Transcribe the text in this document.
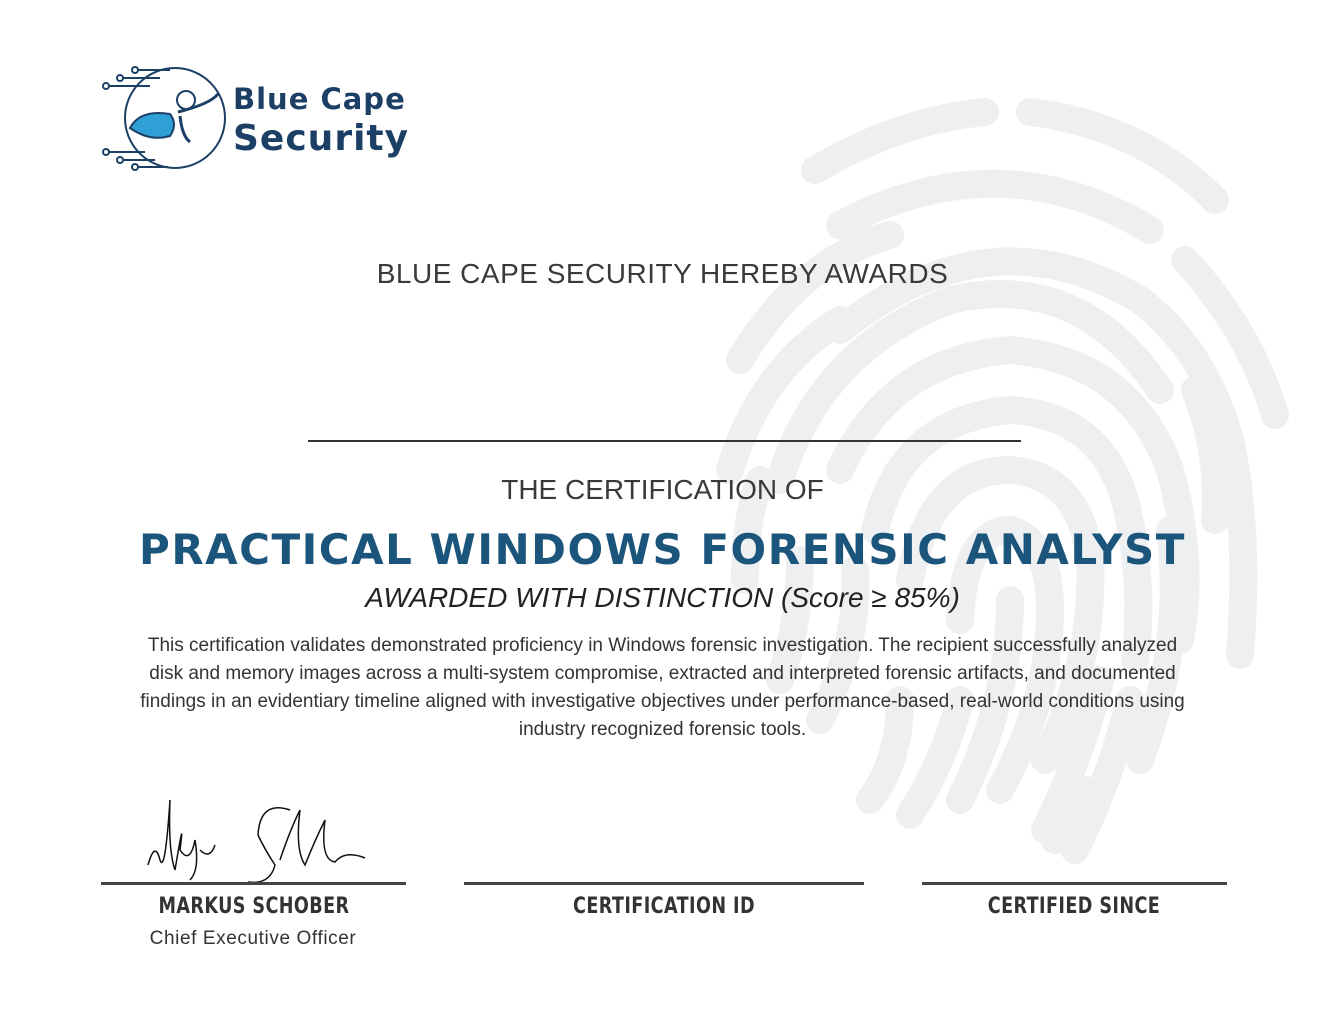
Blue Cape
Security
BLUE CAPE SECURITY HEREBY AWARDS
THE CERTIFICATION OF
PRACTICAL WINDOWS FORENSIC ANALYST
AWARDED WITH DISTINCTION (Score ≥ 85%)
This certification validates demonstrated proficiency in Windows forensic investigation. The recipient successfully analyzed disk and memory images across a multi-system compromise, extracted and interpreted forensic artifacts, and documented findings in an evidentiary timeline aligned with investigative objectives under performance-based, real-world conditions using industry recognized forensic tools.
MARKUS SCHOBER	CERTIFICATION ID	CERTIFIED SINCE
Chief Executive Officer
